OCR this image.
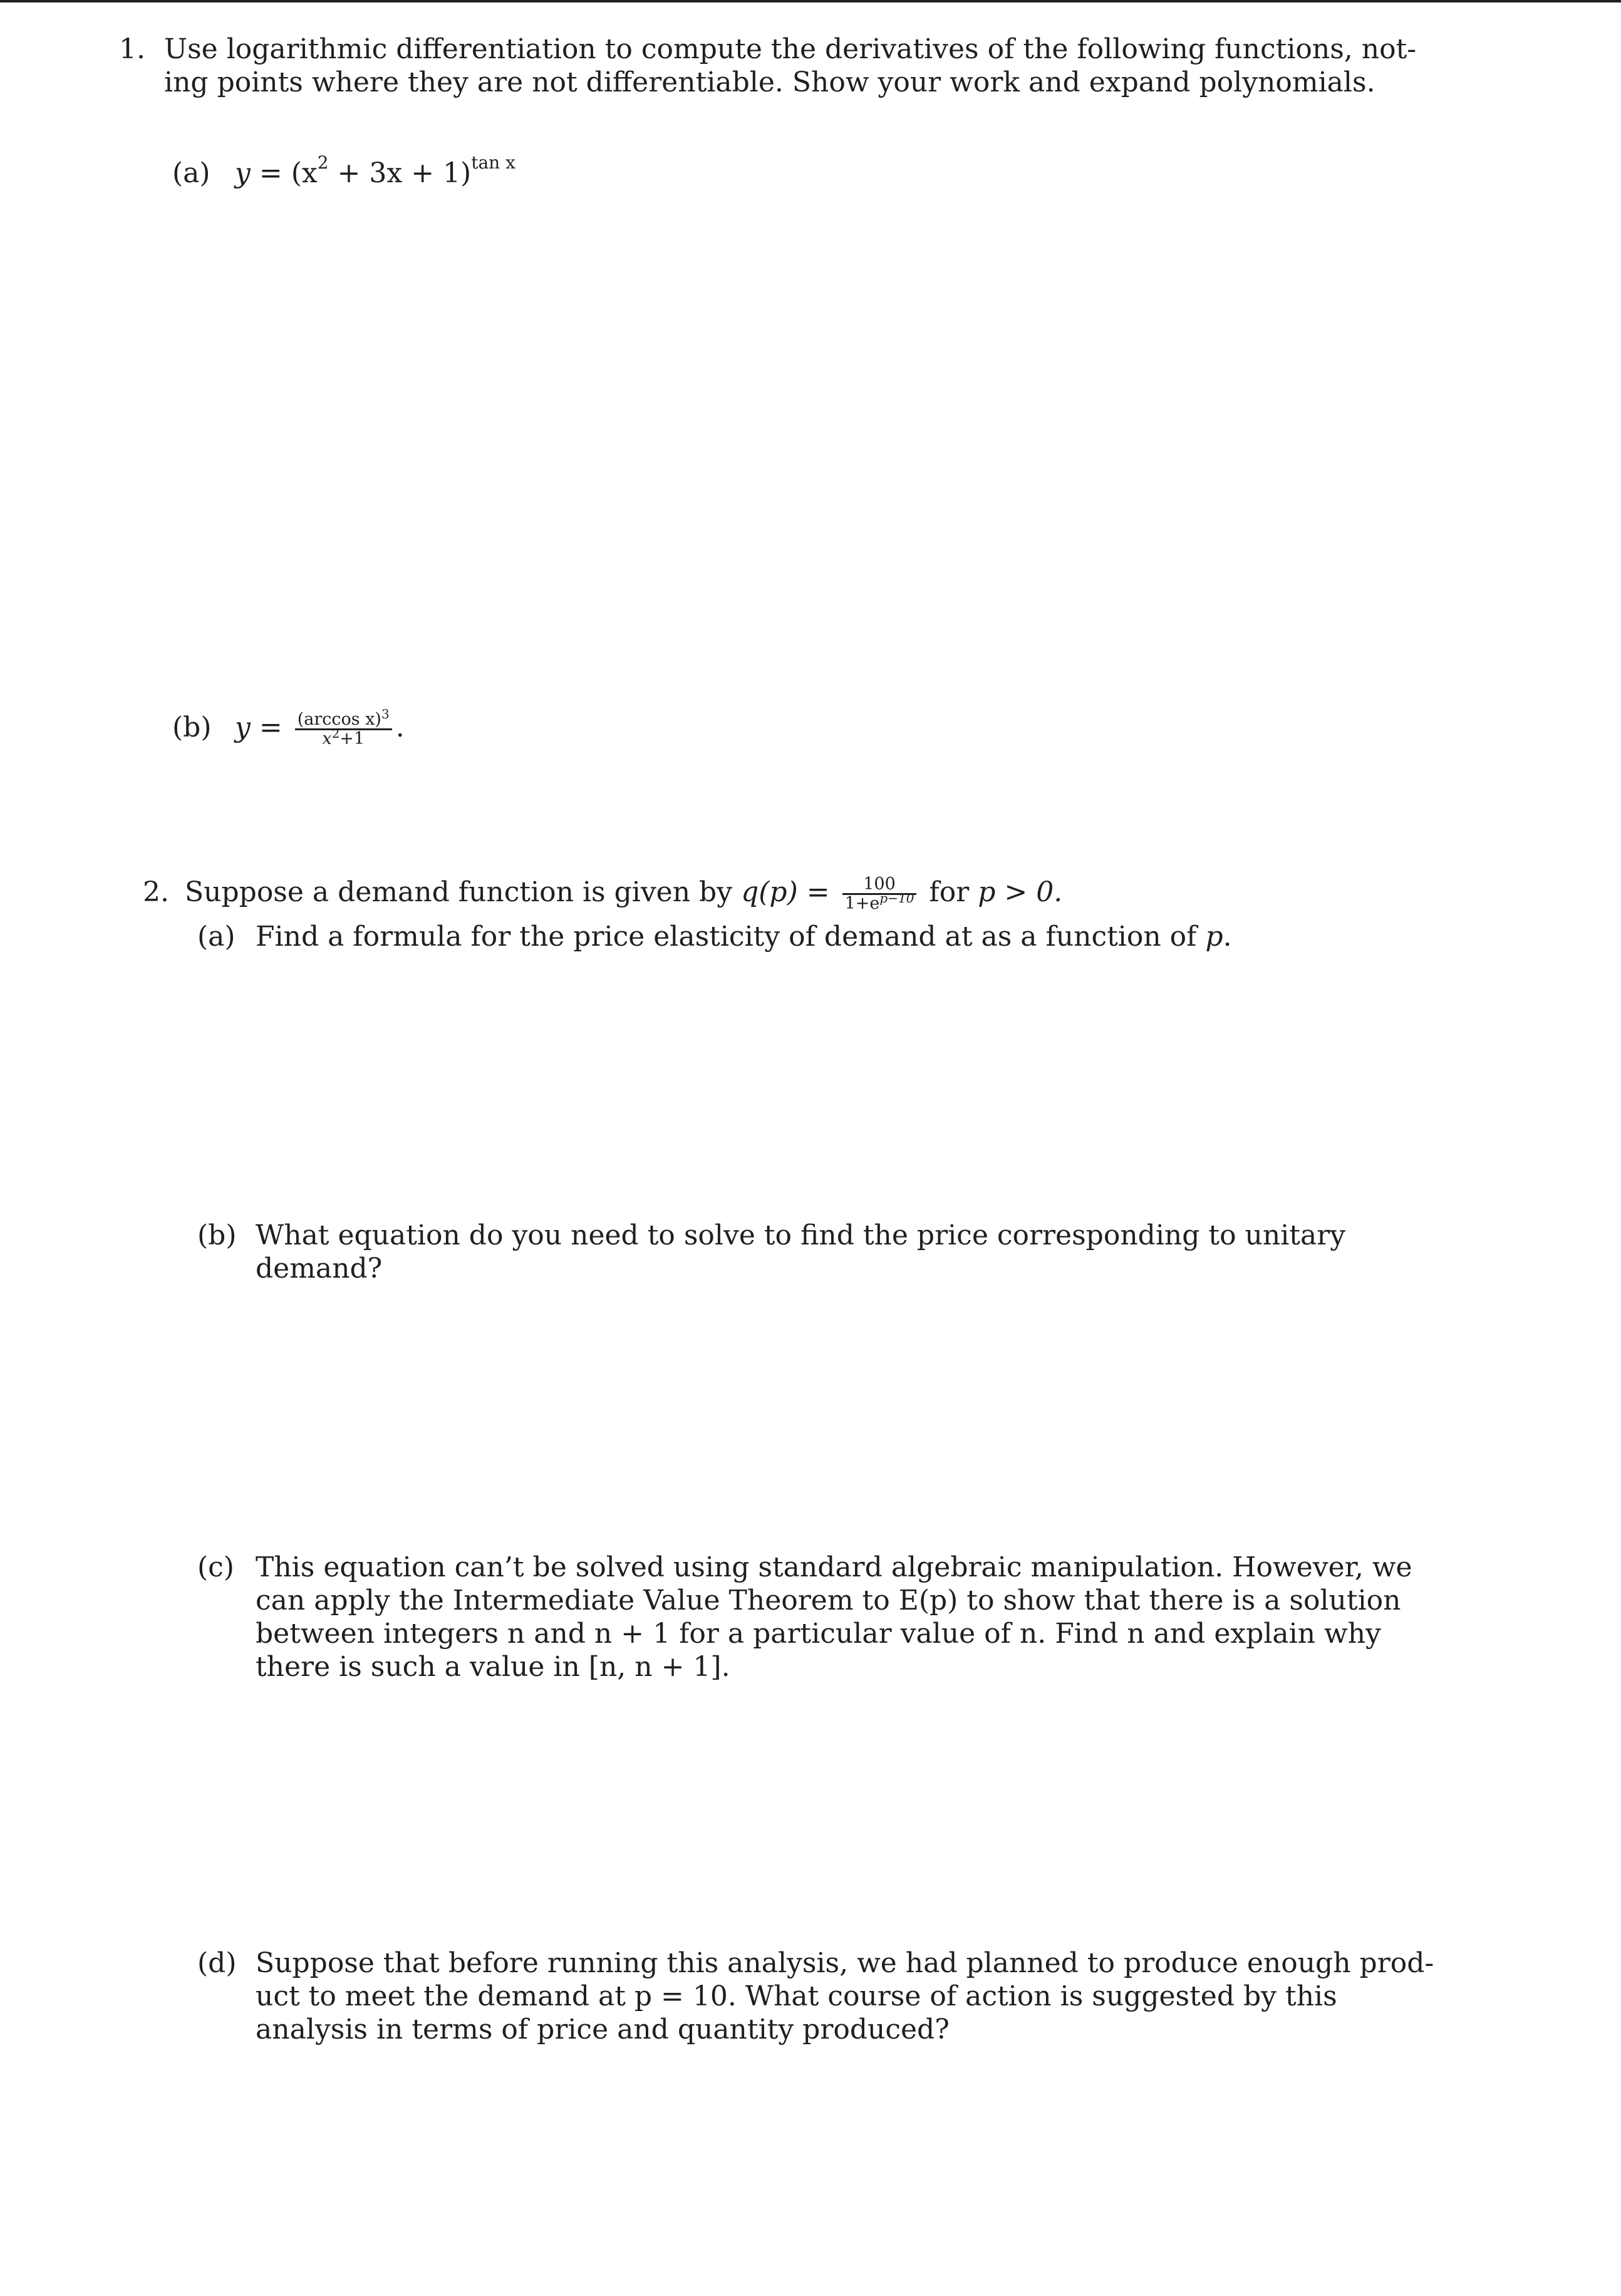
1. Use logarithmic differentiation to compute the derivatives of the following functions, not-
ing points where they are not differentiable. Show your work and expand polynomials.
(a) $y = (x^2 + 3x + 1)^{tan x}$
(b) $y = \frac{(\arccos x)^3}{x^2+1}$ .
2. Suppose a demand function is given by $q(p) = \frac{100}{1+e^{p-10}}$ for p > 0.
(a) Find a formula for the price elasticity of demand at as a function of p.
(b) What equation do you need to solve to find the price corresponding to unitary
demand?
(c) This equation can’t be solved using standard algebraic manipulation. However, we
can apply the Intermediate Value Theorem to E(p) to show that there is a solution
between integers n and n + 1 for a particular value of n. Find n and explain why
there is such a value in [n, n + 1].
(d) Suppose that before running this analysis, we had planned to produce enough prod-
uct to meet the demand at p = 10. What course of action is suggested by this
analysis in terms of price and quantity produced?
